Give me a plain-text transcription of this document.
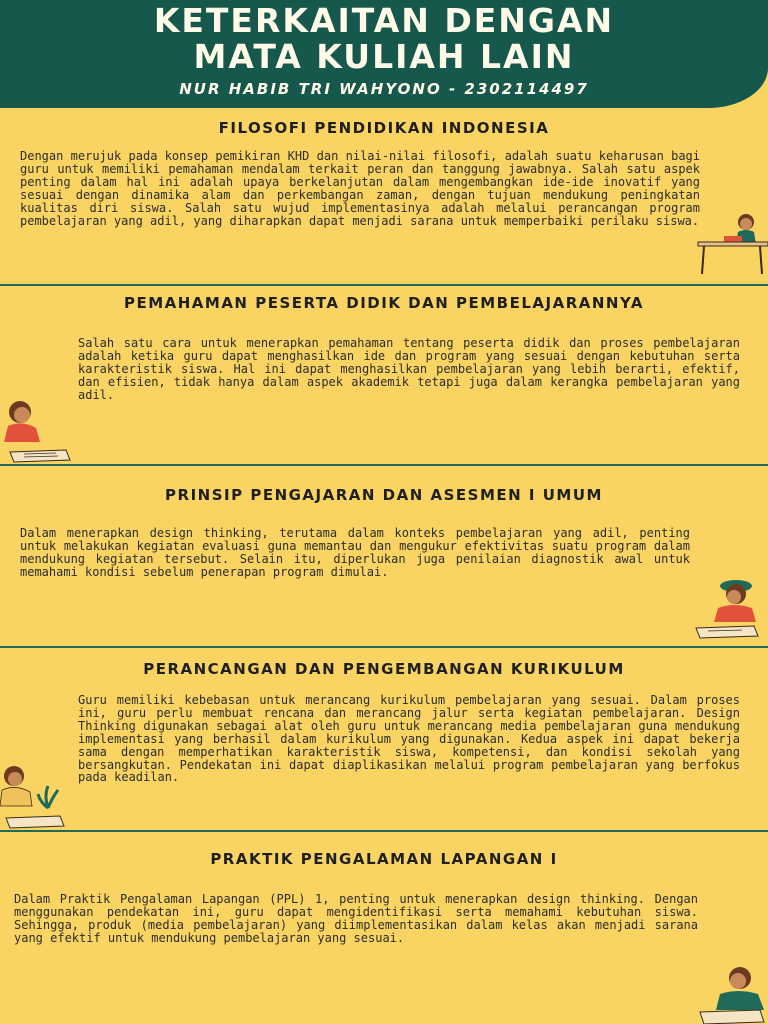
KETERKAITAN DENGAN
MATA KULIAH LAIN
NUR HABIB TRI WAHYONO - 2302114497
FILOSOFI PENDIDIKAN INDONESIA

Dengan merujuk pada konsep pemikiran KHD dan nilai-nilai filosofi, adalah suatu keharusan bagi guru untuk memiliki pemahaman mendalam terkait peran dan tanggung jawabnya. Salah satu aspek penting dalam hal ini adalah upaya berkelanjutan dalam mengembangkan ide-ide inovatif yang sesuai dengan dinamika alam dan perkembangan zaman, dengan tujuan mendukung peningkatan kualitas diri siswa. Salah satu wujud implementasinya adalah melalui perancangan program pembelajaran yang adil, yang diharapkan dapat menjadi sarana untuk memperbaiki perilaku siswa.

PEMAHAMAN PESERTA DIDIK DAN PEMBELAJARANNYA

Salah satu cara untuk menerapkan pemahaman tentang peserta didik dan proses pembelajaran adalah ketika guru dapat menghasilkan ide dan program yang sesuai dengan kebutuhan serta karakteristik siswa. Hal ini dapat menghasilkan pembelajaran yang lebih berarti, efektif, dan efisien, tidak hanya dalam aspek akademik tetapi juga dalam kerangka pembelajaran yang adil.

PRINSIP PENGAJARAN DAN ASESMEN I UMUM

Dalam menerapkan design thinking, terutama dalam konteks pembelajaran yang adil, penting untuk melakukan kegiatan evaluasi guna memantau dan mengukur efektivitas suatu program dalam mendukung kegiatan tersebut. Selain itu, diperlukan juga penilaian diagnostik awal untuk memahami kondisi sebelum penerapan program dimulai.

PERANCANGAN DAN PENGEMBANGAN KURIKULUM

Guru memiliki kebebasan untuk merancang kurikulum pembelajaran yang sesuai. Dalam proses ini, guru perlu membuat rencana dan merancang jalur serta kegiatan pembelajaran. Design Thinking digunakan sebagai alat oleh guru untuk merancang media pembelajaran guna mendukung implementasi yang berhasil dalam kurikulum yang digunakan. Kedua aspek ini dapat bekerja sama dengan memperhatikan karakteristik siswa, kompetensi, dan kondisi sekolah yang bersangkutan. Pendekatan ini dapat diaplikasikan melalui program pembelajaran yang berfokus pada keadilan.

PRAKTIK PENGALAMAN LAPANGAN I

Dalam Praktik Pengalaman Lapangan (PPL) 1, penting untuk menerapkan design thinking. Dengan menggunakan pendekatan ini, guru dapat mengidentifikasi serta memahami kebutuhan siswa. Sehingga, produk (media pembelajaran) yang diimplementasikan dalam kelas akan menjadi sarana yang efektif untuk mendukung pembelajaran yang sesuai.
